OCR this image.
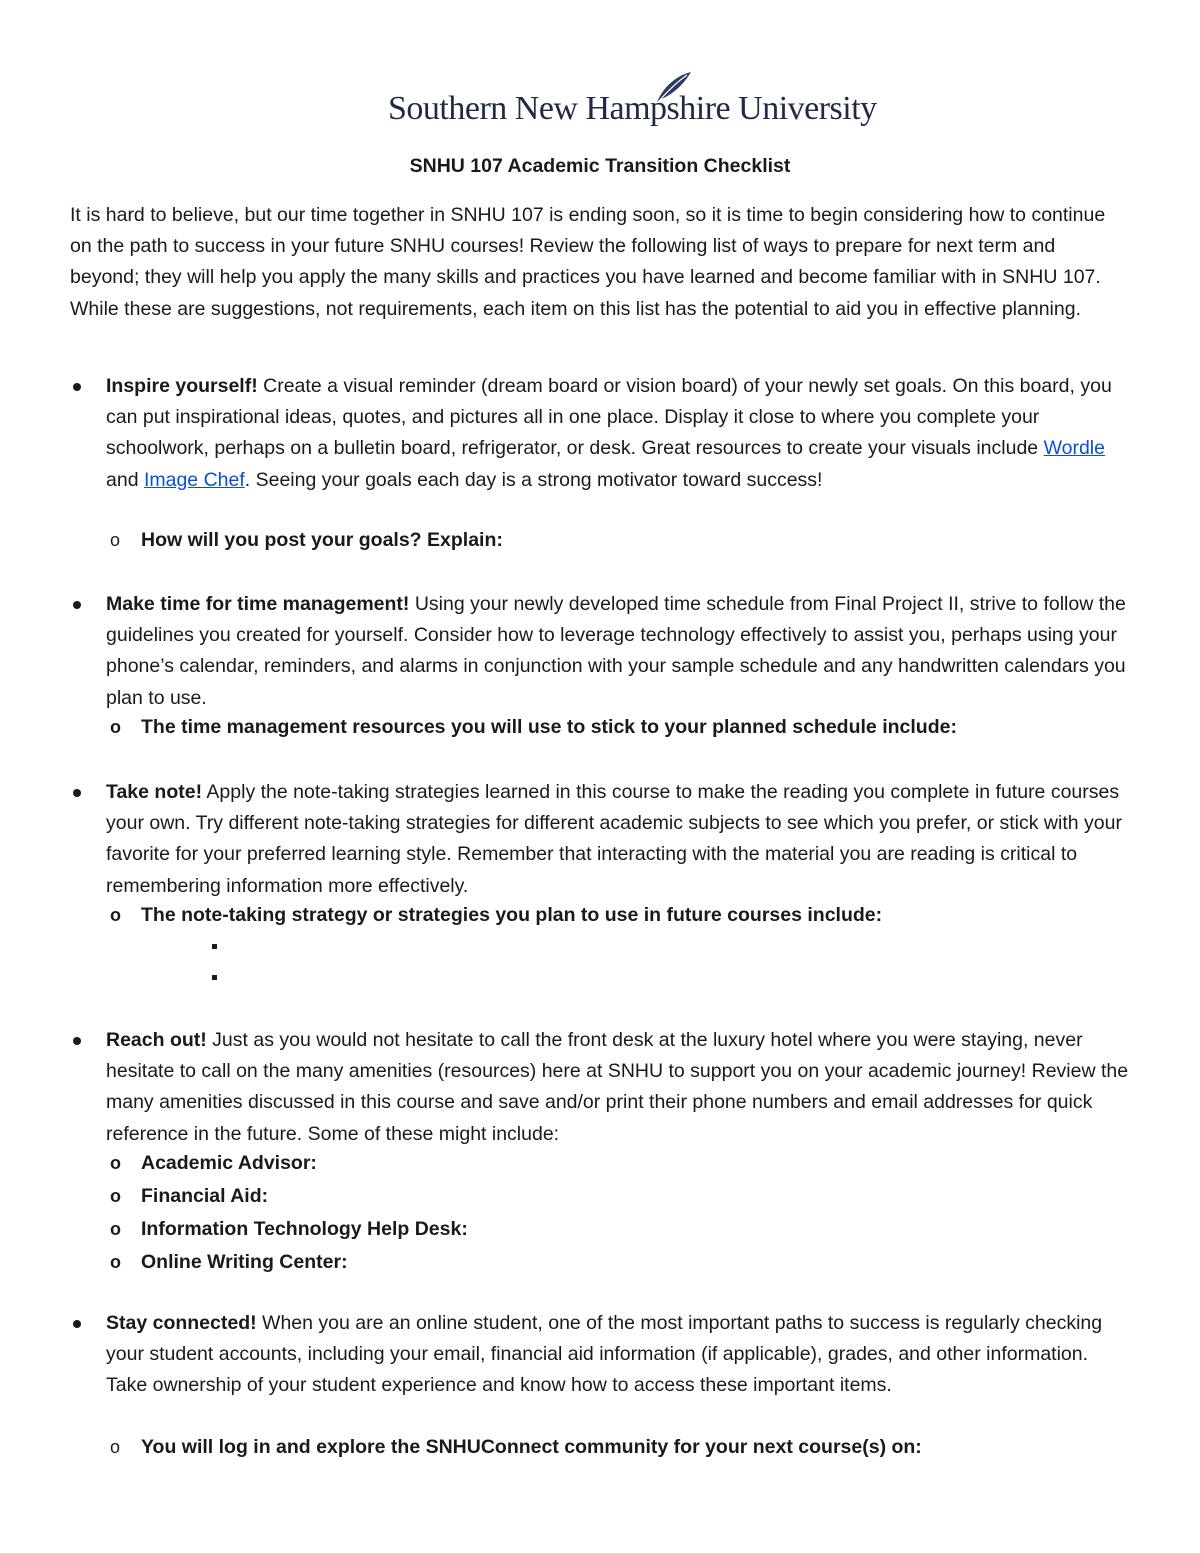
Southern New Hampshire University
SNHU 107 Academic Transition Checklist

It is hard to believe, but our time together in SNHU 107 is ending soon, so it is time to begin considering how to continue on the path to success in your future SNHU courses! Review the following list of ways to prepare for next term and beyond; they will help you apply the many skills and practices you have learned and become familiar with in SNHU 107. While these are suggestions, not requirements, each item on this list has the potential to aid you in effective planning.

Inspire yourself! Create a visual reminder (dream board or vision board) of your newly set goals. On this board, you can put inspirational ideas, quotes, and pictures all in one place. Display it close to where you complete your schoolwork, perhaps on a bulletin board, refrigerator, or desk. Great resources to create your visuals include Wordle and Image Chef. Seeing your goals each day is a strong motivator toward success!

o How will you post your goals? Explain:

Make time for time management! Using your newly developed time schedule from Final Project II, strive to follow the guidelines you created for yourself. Consider how to leverage technology effectively to assist you, perhaps using your phone’s calendar, reminders, and alarms in conjunction with your sample schedule and any handwritten calendars you plan to use.

o The time management resources you will use to stick to your planned schedule include:

Take note! Apply the note-taking strategies learned in this course to make the reading you complete in future courses your own. Try different note-taking strategies for different academic subjects to see which you prefer, or stick with your favorite for your preferred learning style. Remember that interacting with the material you are reading is critical to remembering information more effectively.

o The note-taking strategy or strategies you plan to use in future courses include:

Reach out! Just as you would not hesitate to call the front desk at the luxury hotel where you were staying, never hesitate to call on the many amenities (resources) here at SNHU to support you on your academic journey! Review the many amenities discussed in this course and save and/or print their phone numbers and email addresses for quick reference in the future. Some of these might include:

o Academic Advisor:
o Financial Aid:
o Information Technology Help Desk:
o Online Writing Center:

Stay connected! When you are an online student, one of the most important paths to success is regularly checking your student accounts, including your email, financial aid information (if applicable), grades, and other information. Take ownership of your student experience and know how to access these important items.

o You will log in and explore the SNHUConnect community for your next course(s) on:
